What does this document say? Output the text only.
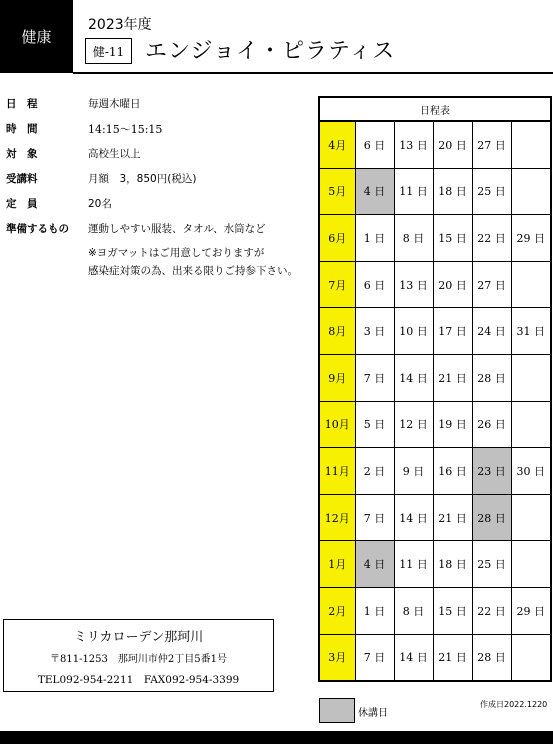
健康
2023年度
健-11 エンジョイ・ピラティス
日　程	毎週木曜日
時　間	14:15～15:15
対　象	高校生以上
受講料	月額　3，850円(税込)
定　員	20名
準備するもの	運動しやすい服装、タオル、水筒など
※ヨガマットはご用意しておりますが
感染症対策の為、出来る限りご持参下さい。
日程表					
4月	6 日	13 日	20 日	27 日	
5月	4 日	11 日	18 日	25 日	
6月	1 日	8 日	15 日	22 日	29 日
7月	6 日	13 日	20 日	27 日	
8月	3 日	10 日	17 日	24 日	31 日
9月	7 日	14 日	21 日	28 日	
10月	5 日	12 日	19 日	26 日	
11月	2 日	9 日	16 日	23 日	30 日
12月	7 日	14 日	21 日	28 日	
1月	4 日	11 日	18 日	25 日	
2月	1 日	8 日	15 日	22 日	29 日
3月	7 日	14 日	21 日	28 日	
休講日
作成日2022.1220
ミリカローデン那珂川
〒811-1253　那珂川市仲2丁目5番1号
TEL092-954-2211　FAX092-954-3399
